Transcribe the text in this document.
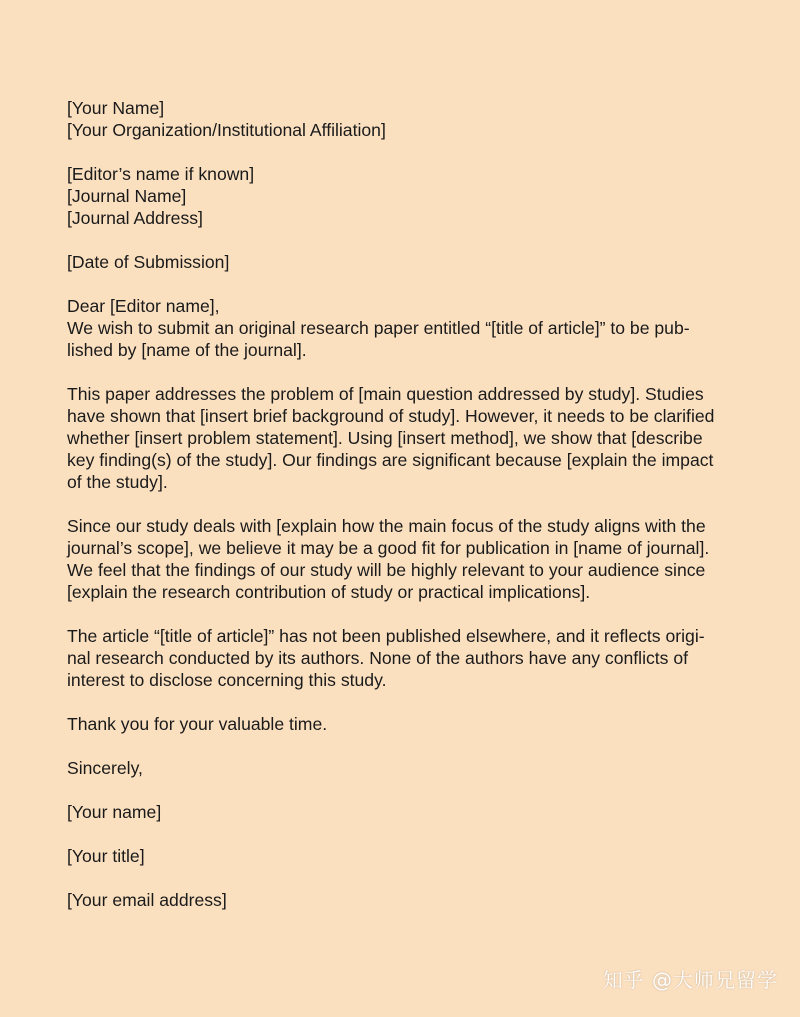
[Your Name]
[Your Organization/Institutional Affiliation]
[Editor’s name if known]
[Journal Name]
[Journal Address]
[Date of Submission]
Dear [Editor name],
We wish to submit an original research paper entitled “[title of article]” to be pub-
lished by [name of the journal].
This paper addresses the problem of [main question addressed by study]. Studies
have shown that [insert brief background of study]. However, it needs to be clarified
whether [insert problem statement]. Using [insert method], we show that [describe
key finding(s) of the study]. Our findings are significant because [explain the impact
of the study].
Since our study deals with [explain how the main focus of the study aligns with the
journal’s scope], we believe it may be a good fit for publication in [name of journal].
We feel that the findings of our study will be highly relevant to your audience since
[explain the research contribution of study or practical implications].
The article “[title of article]” has not been published elsewhere, and it reflects origi-
nal research conducted by its authors. None of the authors have any conflicts of
interest to disclose concerning this study.
Thank you for your valuable time.
Sincerely,
[Your name]
[Your title]
[Your email address]
知乎 @大师兄留学
